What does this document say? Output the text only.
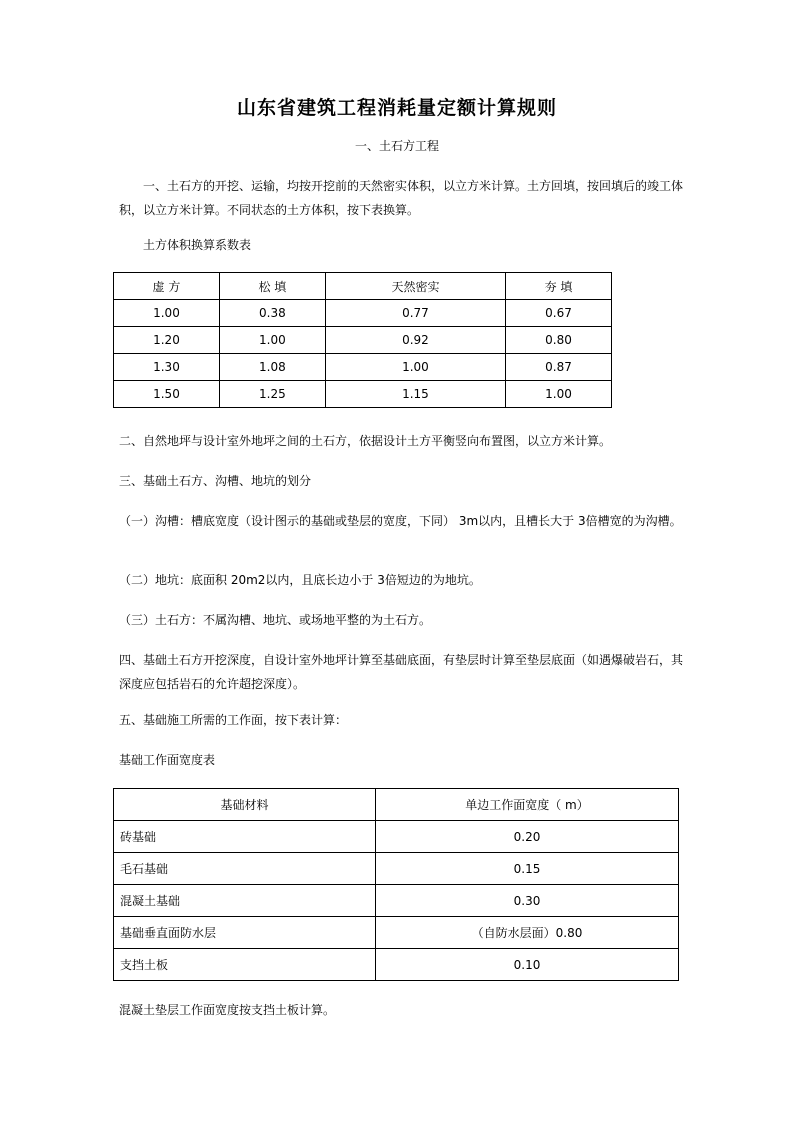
山东省建筑工程消耗量定额计算规则
一、土石方工程

一、土石方的开挖、运输，均按开挖前的天然密实体积，以立方米计算。土方回填，按回填后的竣工体积，以立方米计算。不同状态的土方体积，按下表换算。

土方体积换算系数表

虚 方	松 填	天然密实	夯 填
1.00	0.38	0.77	0.67
1.20	1.00	0.92	0.80
1.30	1.08	1.00	0.87
1.50	1.25	1.15	1.00

二、自然地坪与设计室外地坪之间的土石方，依据设计土方平衡竖向布置图，以立方米计算。

三、基础土石方、沟槽、地坑的划分

（一）沟槽：槽底宽度（设计图示的基础或垫层的宽度，下同） 3m以内，且槽长大于 3倍槽宽的为沟槽。

（二）地坑：底面积 20m2以内，且底长边小于 3倍短边的为地坑。

（三）土石方：不属沟槽、地坑、或场地平整的为土石方。

四、基础土石方开挖深度，自设计室外地坪计算至基础底面，有垫层时计算至垫层底面（如遇爆破岩石，其深度应包括岩石的允许超挖深度）。

五、基础施工所需的工作面，按下表计算：

基础工作面宽度表

基础材料	单边工作面宽度（ m）
砖基础	0.20
毛石基础	0.15
混凝土基础	0.30
基础垂直面防水层	（自防水层面）0.80
支挡土板	0.10

混凝土垫层工作面宽度按支挡土板计算。
